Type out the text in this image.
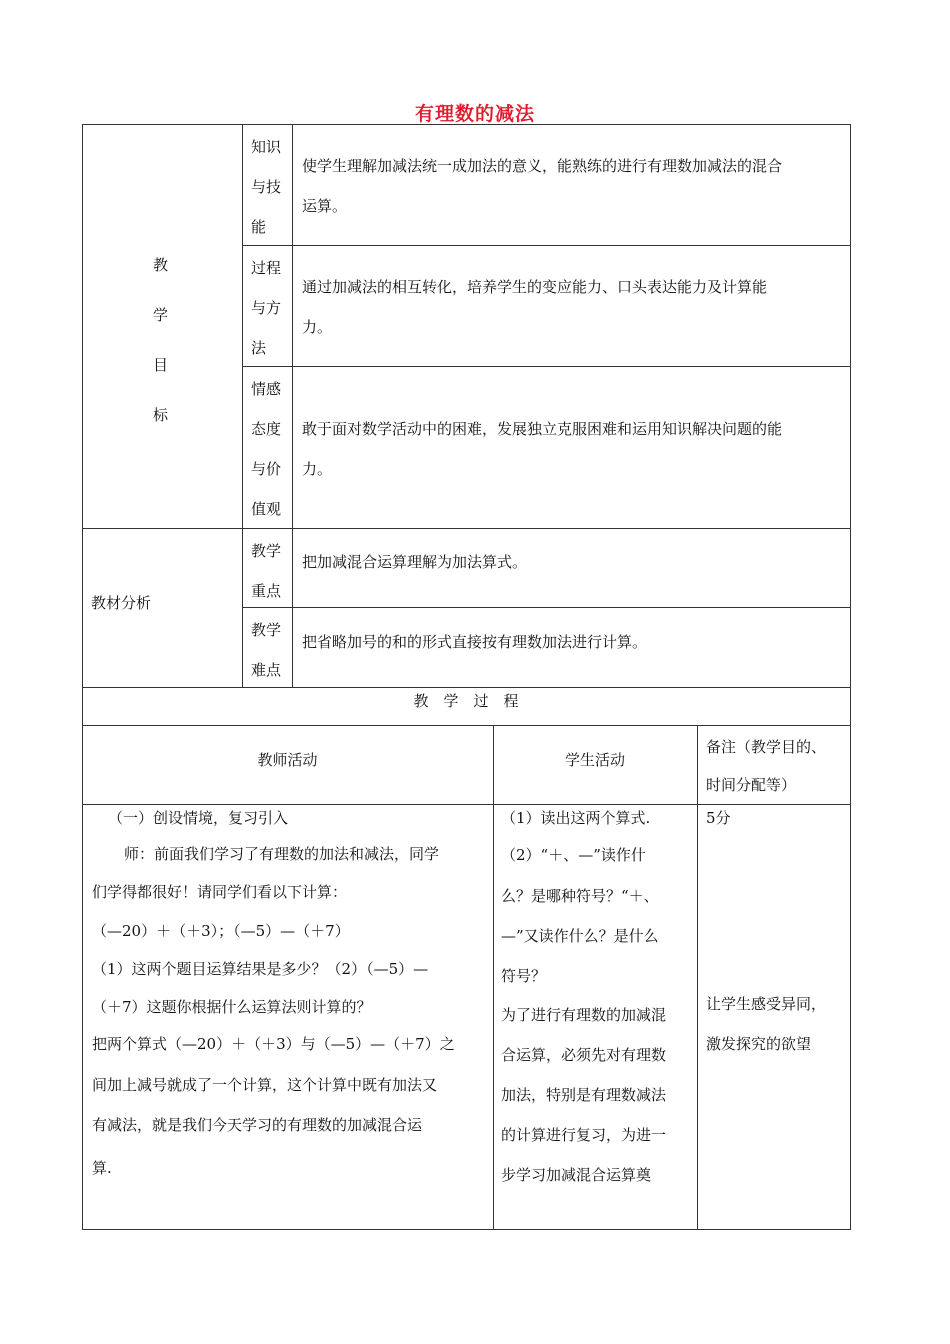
有理数的减法
教
学
目
标
知识
与技
能
使学生理解加减法统一成加法的意义，能熟练的进行有理数加减法的混合
运算。
过程
与方
法
通过加减法的相互转化，培养学生的变应能力、口头表达能力及计算能
力。
情感
态度
与价
值观
敢于面对数学活动中的困难，发展独立克服困难和运用知识解决问题的能
力。
教材分析
教学
重点
把加减混合运算理解为加法算式。
教学
难点
把省略加号的和的形式直接按有理数加法进行计算。
教　学　过　程
教师活动	学生活动
备注（教学目的、
时间分配等）
（一）创设情境，复习引入
师：前面我们学习了有理数的加法和减法，同学
们学得都很好！请同学们看以下计算：
（—20）＋（＋3）；（—5）—（＋7）
（1）这两个题目运算结果是多少？（2）（—5）—
（＋7）这题你根据什么运算法则计算的？
把两个算式（—20）＋（＋3）与（—5）—（＋7）之
间加上减号就成了一个计算，这个计算中既有加法又
有减法，就是我们今天学习的有理数的加减混合运
算.
（1）读出这两个算式.
（2）“＋、—”读作什
么？是哪种符号？“＋、
—”又读作什么？是什么
符号？
为了进行有理数的加减混
合运算，必须先对有理数
加法，特别是有理数减法
的计算进行复习，为进一
步学习加减混合运算奠
5分
让学生感受异同，
激发探究的欲望
